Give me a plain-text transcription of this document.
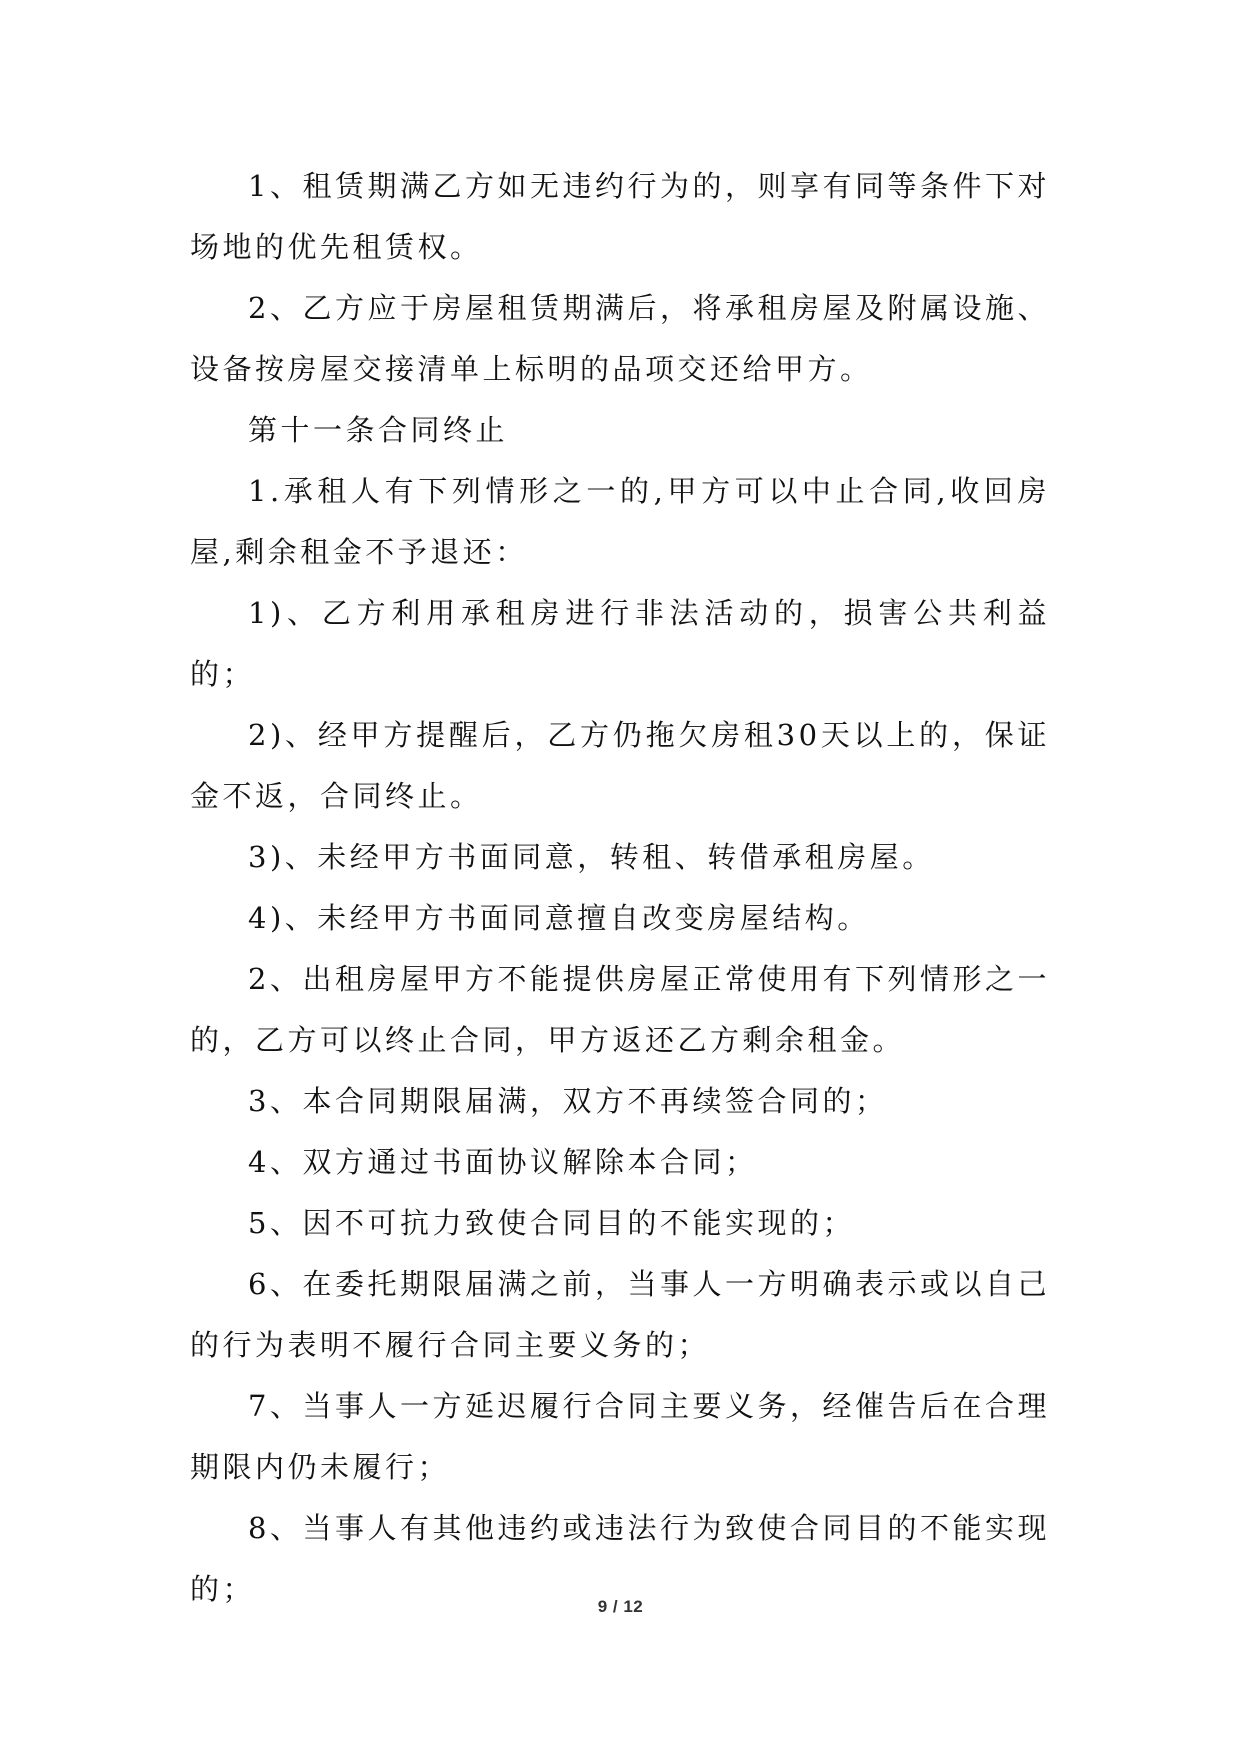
1、租赁期满乙方如无违约行为的，则享有同等条件下对场地的优先租赁权。

2、乙方应于房屋租赁期满后，将承租房屋及附属设施、设备按房屋交接清单上标明的品项交还给甲方。

第十一条合同终止

1.承租人有下列情形之一的,甲方可以中止合同,收回房屋,剩余租金不予退还：

1)、乙方利用承租房进行非法活动的，损害公共利益的；

2)、经甲方提醒后，乙方仍拖欠房租30天以上的，保证金不返，合同终止。

3)、未经甲方书面同意，转租、转借承租房屋。

4)、未经甲方书面同意擅自改变房屋结构。

2、出租房屋甲方不能提供房屋正常使用有下列情形之一的，乙方可以终止合同，甲方返还乙方剩余租金。

3、本合同期限届满，双方不再续签合同的；

4、双方通过书面协议解除本合同；

5、因不可抗力致使合同目的不能实现的；

6、在委托期限届满之前，当事人一方明确表示或以自己的行为表明不履行合同主要义务的；

7、当事人一方延迟履行合同主要义务，经催告后在合理期限内仍未履行；

8、当事人有其他违约或违法行为致使合同目的不能实现的；

9 / 12
